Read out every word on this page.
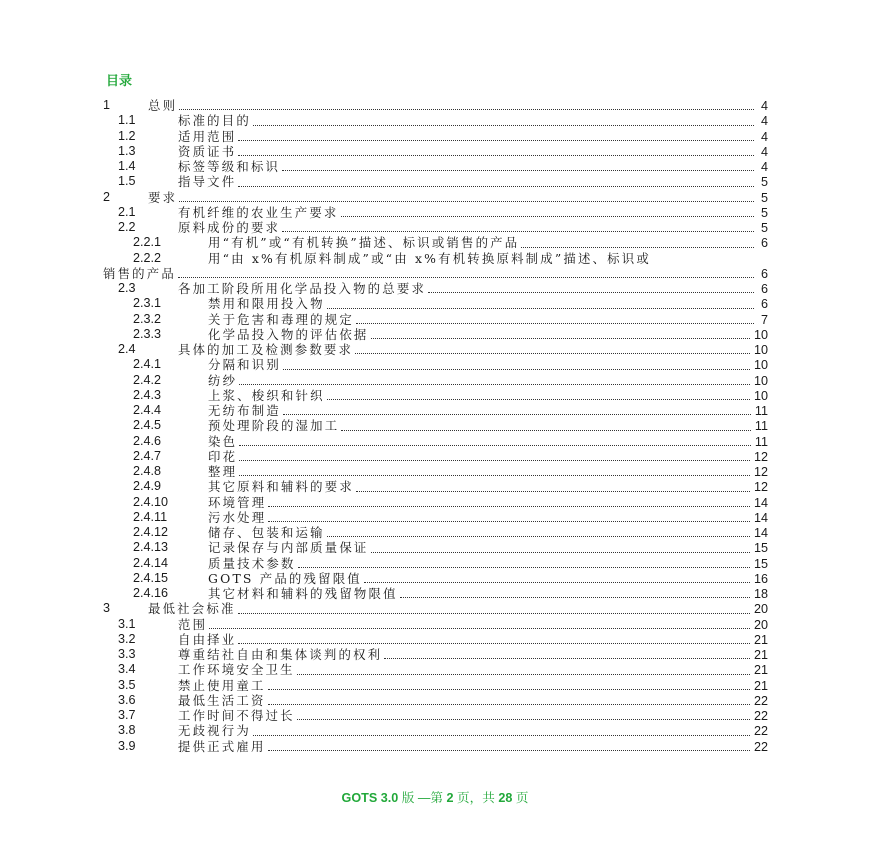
目录
1	总则	4
1.1	标准的目的	4
1.2	适用范围	4
1.3	资质证书	4
1.4	标签等级和标识	4
1.5	指导文件	5
2	要求	5
2.1	有机纤维的农业生产要求	5
2.2	原料成份的要求	5
2.2.1	用“有机”或“有机转换”描述、标识或销售的产品	6
2.2.2	用“由 x%有机原料制成”或“由 x%有机转换原料制成”描述、标识或
销售的产品	6
2.3	各加工阶段所用化学品投入物的总要求	6
2.3.1	禁用和限用投入物	6
2.3.2	关于危害和毒理的规定	7
2.3.3	化学品投入物的评估依据	10
2.4	具体的加工及检测参数要求	10
2.4.1	分隔和识别	10
2.4.2	纺纱	10
2.4.3	上浆、梭织和针织	10
2.4.4	无纺布制造	11
2.4.5	预处理阶段的湿加工	11
2.4.6	染色	11
2.4.7	印花	12
2.4.8	整理	12
2.4.9	其它原料和辅料的要求	12
2.4.10	环境管理	14
2.4.11	污水处理	14
2.4.12	储存、包装和运输	14
2.4.13	记录保存与内部质量保证	15
2.4.14	质量技术参数	15
2.4.15	GOTS 产品的残留限值	16
2.4.16	其它材料和辅料的残留物限值	18
3	最低社会标准	20
3.1	范围	20
3.2	自由择业	21
3.3	尊重结社自由和集体谈判的权利	21
3.4	工作环境安全卫生	21
3.5	禁止使用童工	21
3.6	最低生活工资	22
3.7	工作时间不得过长	22
3.8	无歧视行为	22
3.9	提供正式雇用	22
GOTS 3.0 版 —第 2 页，共 28 页
